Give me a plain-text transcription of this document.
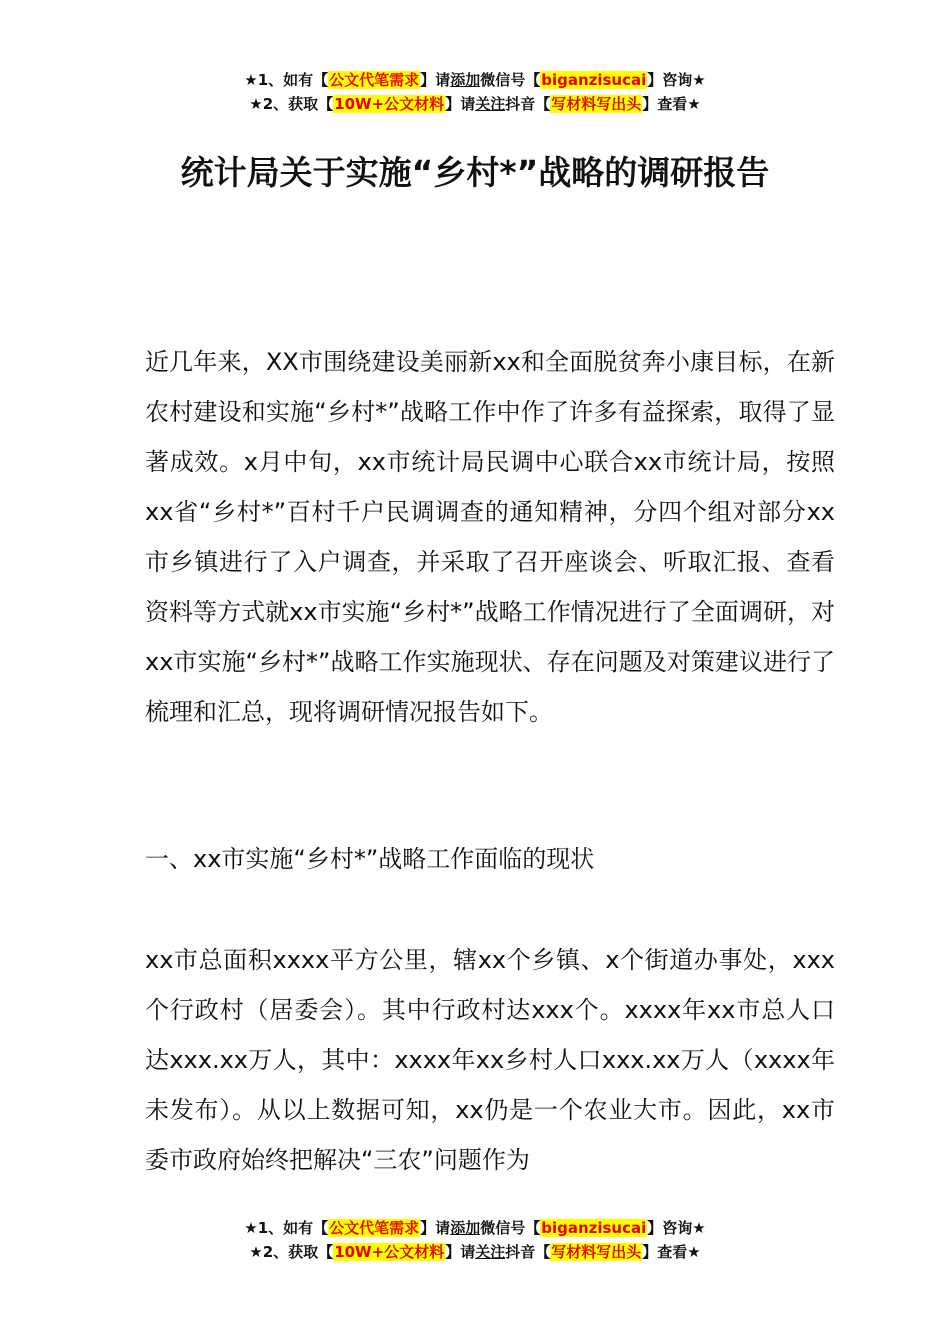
★1、如有【公文代笔需求】请添加微信号【biganzisucai】咨询★
★2、获取【10W+公文材料】请关注抖音【写材料写出头】查看★
统计局关于实施“乡村*”战略的调研报告
近几年来，XX市围绕建设美丽新xx和全面脱贫奔小康目标，在新农村建设和实施“乡村*”战略工作中作了许多有益探索，取得了显著成效。x月中旬，xx市统计局民调中心联合xx市统计局，按照xx省“乡村*”百村千户民调调查的通知精神，分四个组对部分xx市乡镇进行了入户调查，并采取了召开座谈会、听取汇报、查看资料等方式就xx市实施“乡村*”战略工作情况进行了全面调研，对xx市实施“乡村*”战略工作实施现状、存在问题及对策建议进行了梳理和汇总，现将调研情况报告如下。
一、xx市实施“乡村*”战略工作面临的现状
xx市总面积xxxx平方公里，辖xx个乡镇、x个街道办事处，xxx个行政村（居委会）。其中行政村达xxx个。xxxx年xx市总人口达xxx.xx万人，其中：xxxx年xx乡村人口xxx.xx万人（xxxx年未发布）。从以上数据可知，xx仍是一个农业大市。因此，xx市委市政府始终把解决“三农”问题作为
★1、如有【公文代笔需求】请添加微信号【biganzisucai】咨询★
★2、获取【10W+公文材料】请关注抖音【写材料写出头】查看★
